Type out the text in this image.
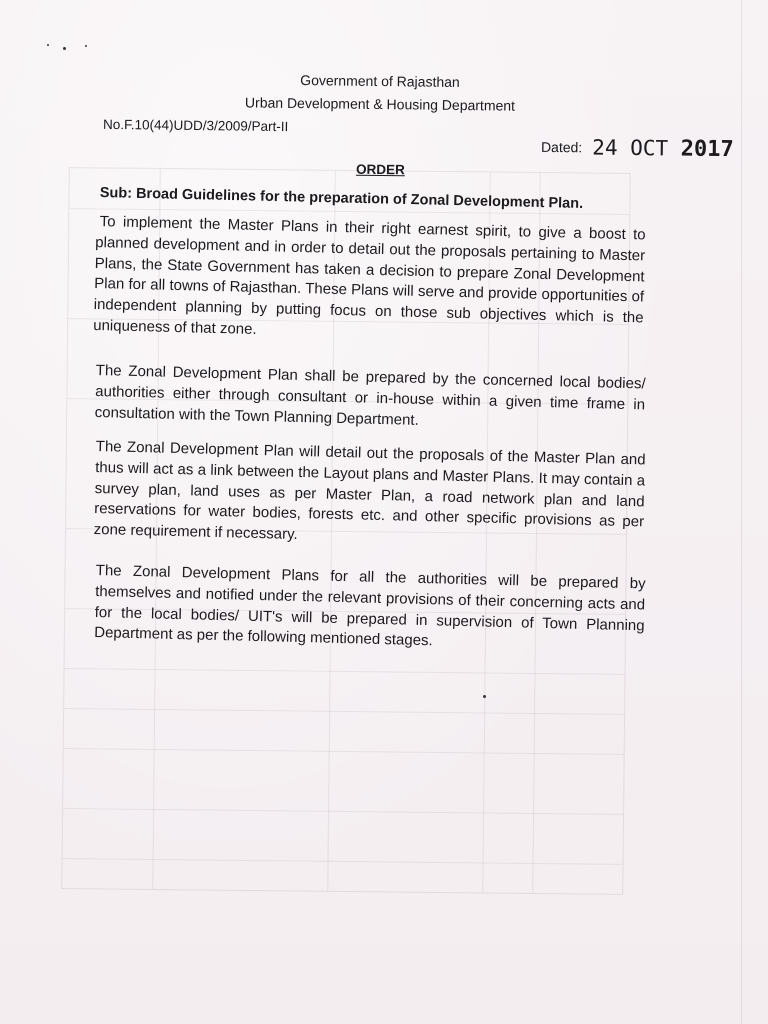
Government of Rajasthan
Urban Development & Housing Department
No.F.10(44)UDD/3/2009/Part-II
Dated: 24 OCT 2017
ORDER
Sub: Broad Guidelines for the preparation of Zonal Development Plan.
To implement the Master Plans in their right earnest spirit, to give a boost to planned development and in order to detail out the proposals pertaining to Master Plans, the State Government has taken a decision to prepare Zonal Development Plan for all towns of Rajasthan. These Plans will serve and provide opportunities of independent planning by putting focus on those sub objectives which is the uniqueness of that zone.
The Zonal Development Plan shall be prepared by the concerned local bodies/ authorities either through consultant or in-house within a given time frame in consultation with the Town Planning Department.
The Zonal Development Plan will detail out the proposals of the Master Plan and thus will act as a link between the Layout plans and Master Plans. It may contain a survey plan, land uses as per Master Plan, a road network plan and land reservations for water bodies, forests etc. and other specific provisions as per zone requirement if necessary.
The Zonal Development Plans for all the authorities will be prepared by themselves and notified under the relevant provisions of their concerning acts and for the local bodies/ UIT's will be prepared in supervision of Town Planning Department as per the following mentioned stages.
